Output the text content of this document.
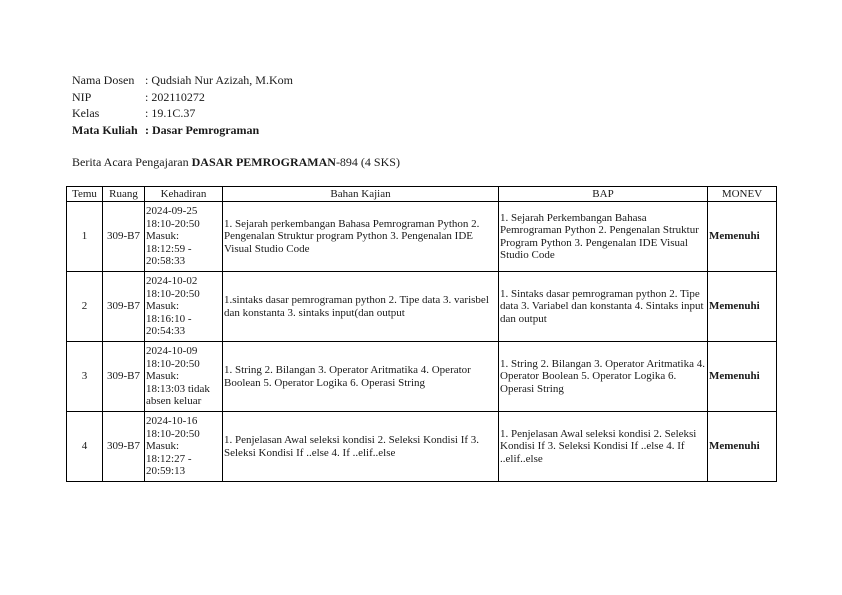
Nama Dosen : Qudsiah Nur Azizah, M.Kom
NIP	: 202110272
Kelas	: 19.1C.37
Mata Kuliah : Dasar Pemrograman
Berita Acara Pengajaran DASAR PEMROGRAMAN-894 (4 SKS)
Temu	Ruang	Kehadiran	Bahan Kajian	BAP	MONEV
1	309-B7	2024-09-25
18:10-20:50
Masuk:
18:12:59 -
20:58:33	1. Sejarah perkembangan Bahasa Pemrograman Python 2. Pengenalan Struktur program Python 3. Pengenalan IDE Visual Studio Code	1. Sejarah Perkembangan Bahasa Pemrograman Python 2. Pengenalan Struktur Program Python 3. Pengenalan IDE Visual Studio Code	Memenuhi
2	309-B7	2024-10-02
18:10-20:50
Masuk:
18:16:10 -
20:54:33	1.sintaks dasar pemrograman python 2. Tipe data 3. varisbel dan konstanta 3. sintaks input(dan output	1. Sintaks dasar pemrograman python 2. Tipe data 3. Variabel dan konstanta 4. Sintaks input dan output	Memenuhi
3	309-B7	2024-10-09
18:10-20:50
Masuk:
18:13:03 tidak
absen keluar	1. String 2. Bilangan 3. Operator Aritmatika 4. Operator Boolean 5. Operator Logika 6. Operasi String	1. String 2. Bilangan 3. Operator Aritmatika 4. Operator Boolean 5. Operator Logika 6. Operasi String	Memenuhi
4	309-B7	2024-10-16
18:10-20:50
Masuk:
18:12:27 -
20:59:13	1. Penjelasan Awal seleksi kondisi 2. Seleksi Kondisi If 3. Seleksi Kondisi If ..else 4. If ..elif..else	1. Penjelasan Awal seleksi kondisi 2. Seleksi Kondisi If 3. Seleksi Kondisi If ..else 4. If ..elif..else	Memenuhi
